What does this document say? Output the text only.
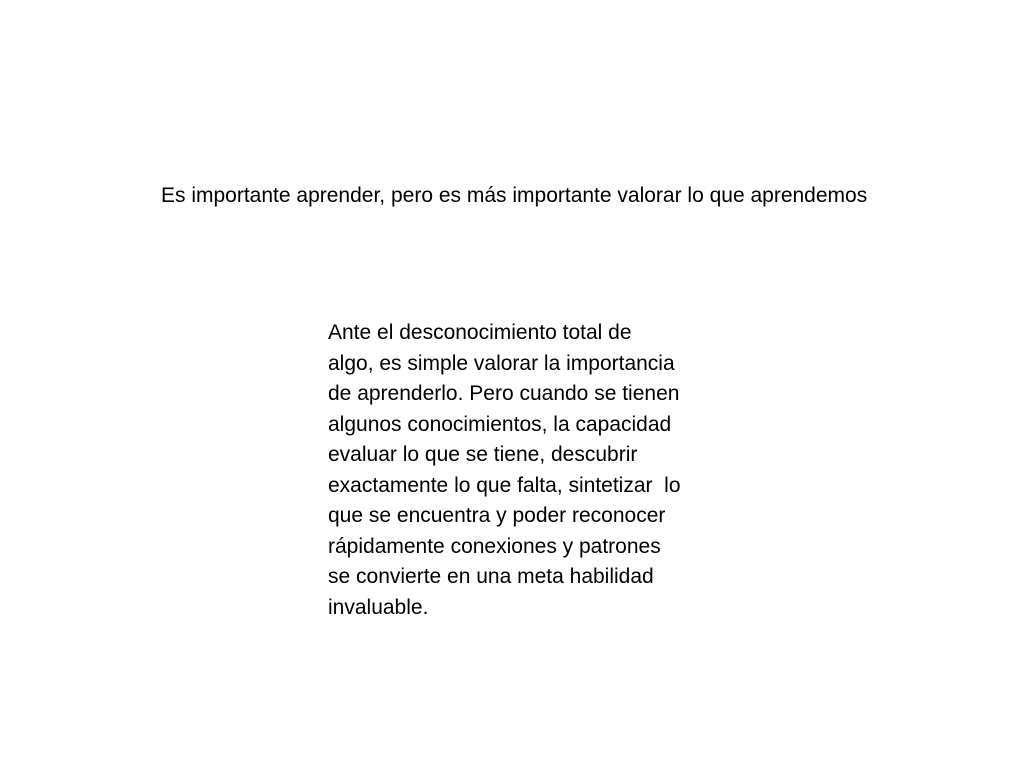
Es importante aprender, pero es más importante valorar lo que aprendemos

Ante el desconocimiento total de
algo, es simple valorar la importancia
de aprenderlo. Pero cuando se tienen
algunos conocimientos, la capacidad
evaluar lo que se tiene, descubrir
exactamente lo que falta, sintetizar  lo
que se encuentra y poder reconocer
rápidamente conexiones y patrones
se convierte en una meta habilidad
invaluable.
